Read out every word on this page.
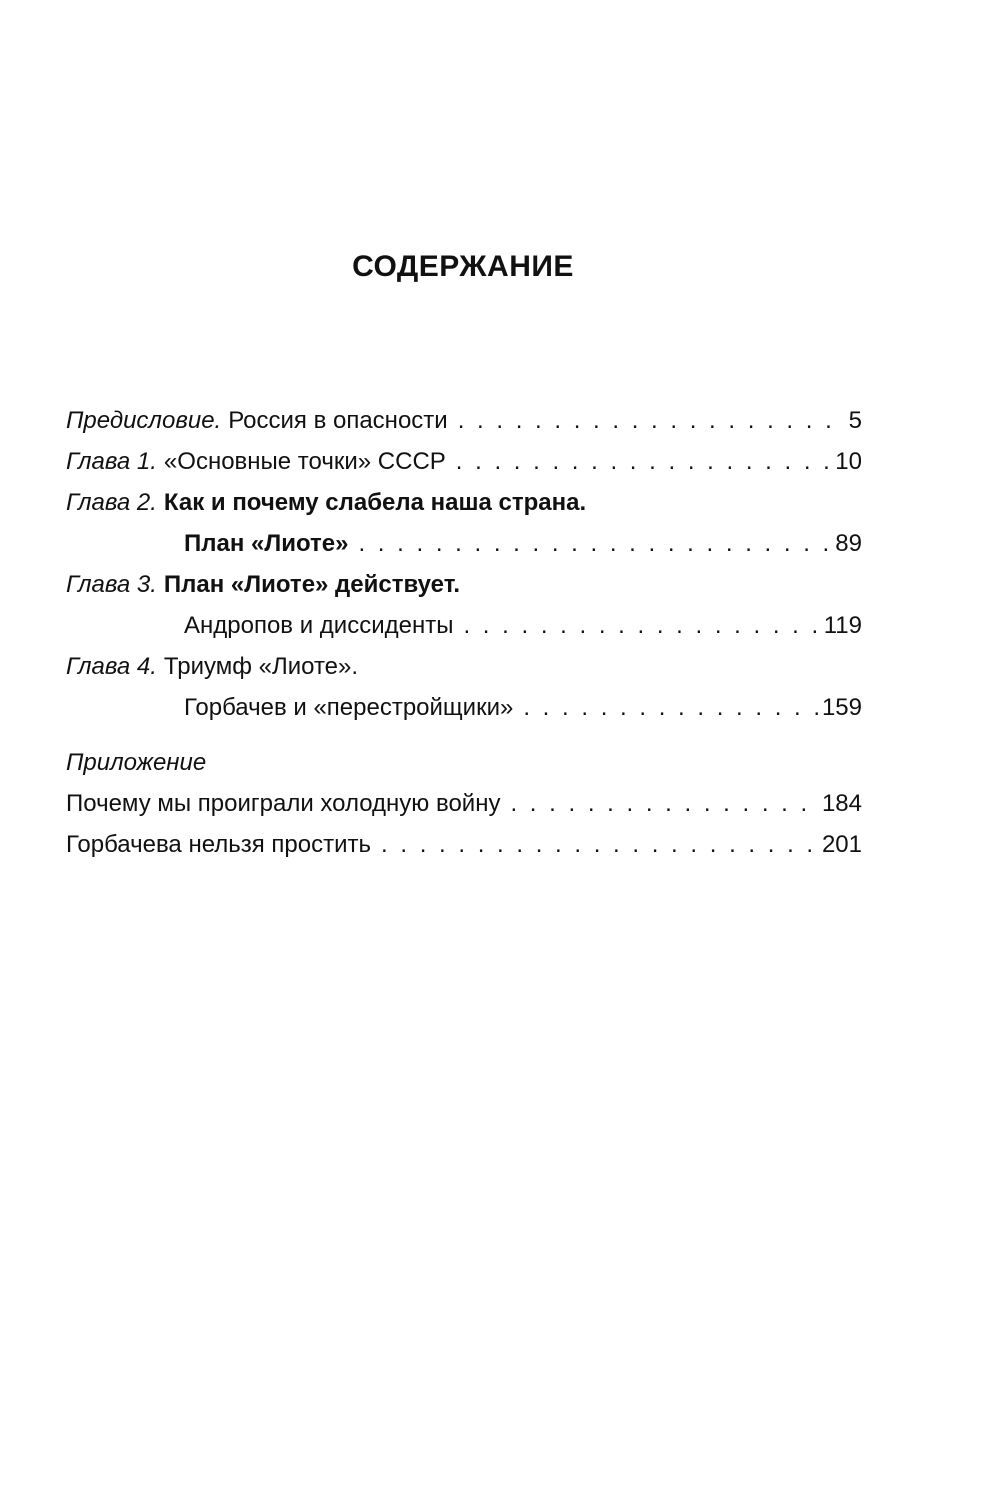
СОДЕРЖАНИЕ
Предисловие. Россия в опасности . . .	5
Глава 1. «Основные точки» СССР . . .	10
Глава 2. Как и почему слабела наша страна.
План «Лиоте» . . .	89
Глава 3. План «Лиоте» действует.
Андропов и диссиденты . . .	119
Глава 4. Триумф «Лиоте».
Горбачев и «перестройщики» . . .	159
Приложение
Почему мы проиграли холодную войну . . .	184
Горбачева нельзя простить . . .	201
